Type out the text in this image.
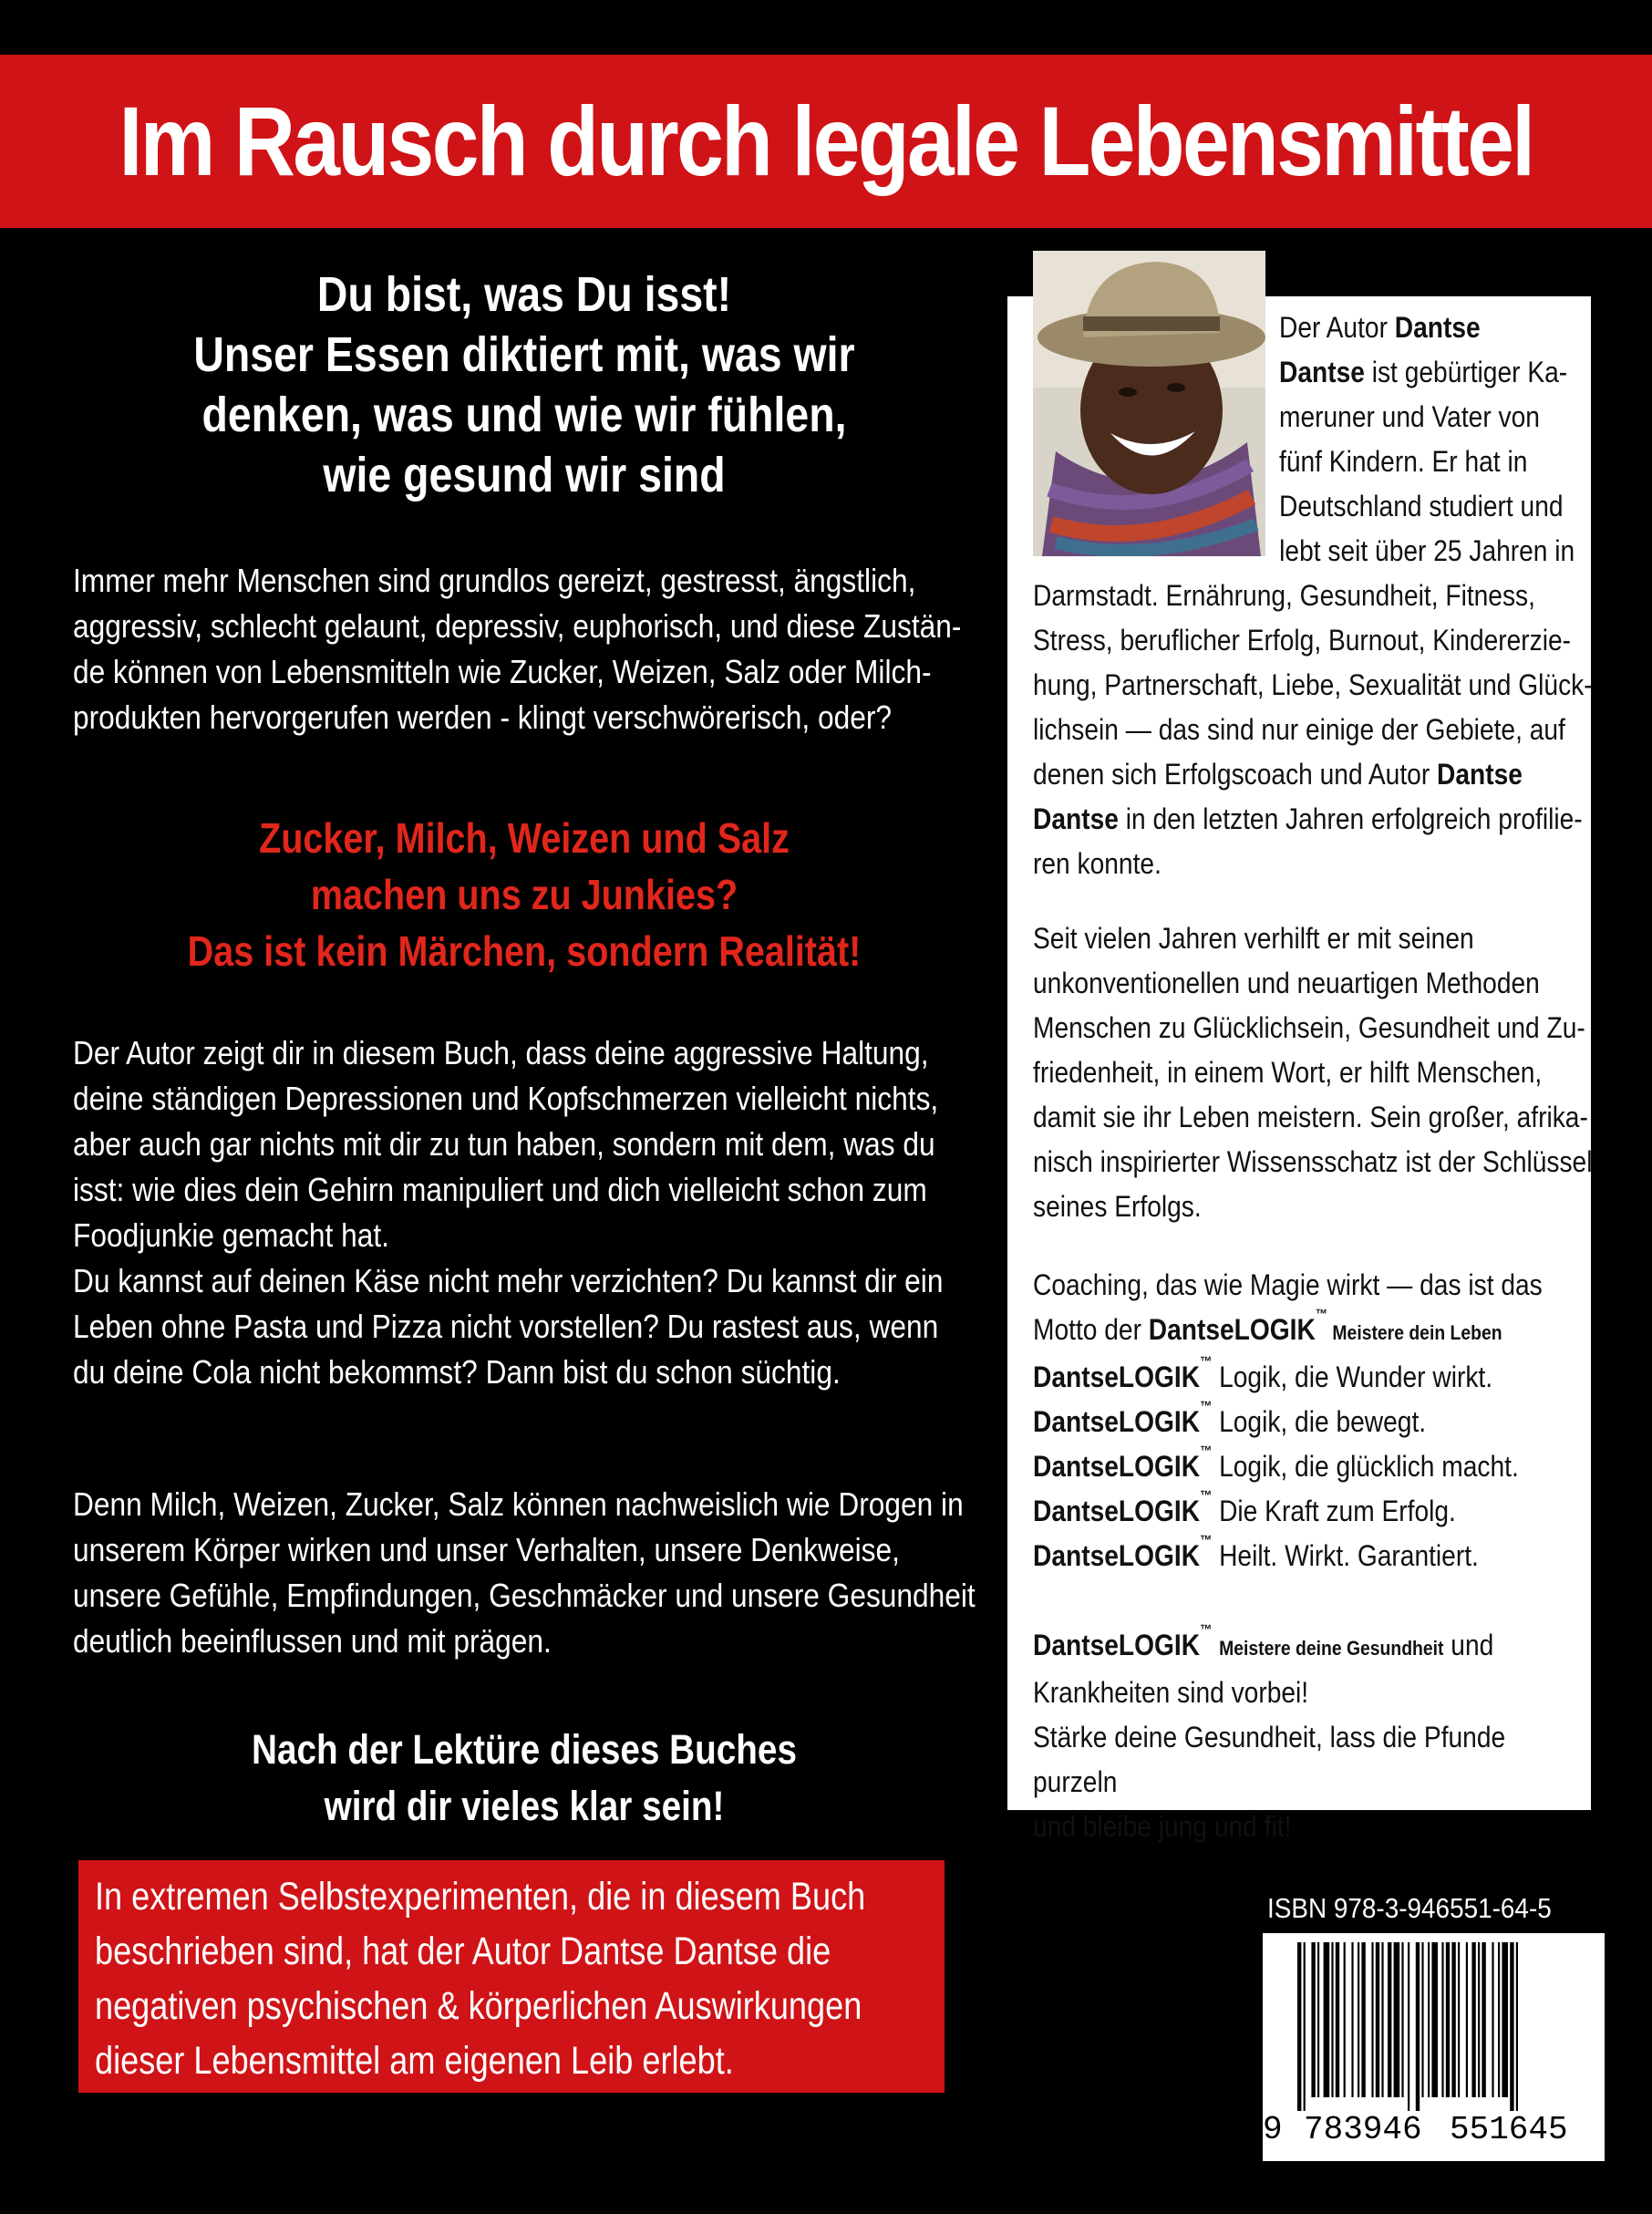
Im Rausch durch legale Lebensmittel
Du bist, was Du isst!
Unser Essen diktiert mit, was wir
denken, was und wie wir fühlen,
wie gesund wir sind
Immer mehr Menschen sind grundlos gereizt, gestresst, ängstlich,
aggressiv, schlecht gelaunt, depressiv, euphorisch, und diese Zustän-
de können von Lebensmitteln wie Zucker, Weizen, Salz oder Milch-
produkten hervorgerufen werden - klingt verschwörerisch, oder?
Zucker, Milch, Weizen und Salz
machen uns zu Junkies?
Das ist kein Märchen, sondern Realität!
Der Autor zeigt dir in diesem Buch, dass deine aggressive Haltung,
deine ständigen Depressionen und Kopfschmerzen vielleicht nichts,
aber auch gar nichts mit dir zu tun haben, sondern mit dem, was du
isst: wie dies dein Gehirn manipuliert und dich vielleicht schon zum
Foodjunkie gemacht hat.
Du kannst auf deinen Käse nicht mehr verzichten? Du kannst dir ein
Leben ohne Pasta und Pizza nicht vorstellen? Du rastest aus, wenn
du deine Cola nicht bekommst? Dann bist du schon süchtig.
Denn Milch, Weizen, Zucker, Salz können nachweislich wie Drogen in
unserem Körper wirken und unser Verhalten, unsere Denkweise,
unsere Gefühle, Empfindungen, Geschmäcker und unsere Gesundheit
deutlich beeinflussen und mit prägen.
Nach der Lektüre dieses Buches
wird dir vieles klar sein!
In extremen Selbstexperimenten, die in diesem Buch
beschrieben sind, hat der Autor Dantse Dantse die
negativen psychischen & körperlichen Auswirkungen
dieser Lebensmittel am eigenen Leib erlebt.
Der Autor Dantse
Dantse ist gebürtiger Ka-
meruner und Vater von
fünf Kindern. Er hat in
Deutschland studiert und
lebt seit über 25 Jahren in
Darmstadt. Ernährung, Gesundheit, Fitness,
Stress, beruflicher Erfolg, Burnout, Kindererzie-
hung, Partnerschaft, Liebe, Sexualität und Glück-
lichsein — das sind nur einige der Gebiete, auf
denen sich Erfolgscoach und Autor Dantse
Dantse in den letzten Jahren erfolgreich profilie-
ren konnte.
Seit vielen Jahren verhilft er mit seinen
unkonventionellen und neuartigen Methoden
Menschen zu Glücklichsein, Gesundheit und Zu-
friedenheit, in einem Wort, er hilft Menschen,
damit sie ihr Leben meistern. Sein großer, afrika-
nisch inspirierter Wissensschatz ist der Schlüssel
seines Erfolgs.
Coaching, das wie Magie wirkt — das ist das
Motto der DantseLOGIK™ Meistere dein Leben
DantseLOGIK™ Logik, die Wunder wirkt.
DantseLOGIK™ Logik, die bewegt.
DantseLOGIK™ Logik, die glücklich macht.
DantseLOGIK™ Die Kraft zum Erfolg.
DantseLOGIK™ Heilt. Wirkt. Garantiert.
DantseLOGIK™ Meistere deine Gesundheit und
Krankheiten sind vorbei!
Stärke deine Gesundheit, lass die Pfunde purzeln
und bleibe jung und fit!
ISBN 978-3-946551-64-5
9 783946 551645
